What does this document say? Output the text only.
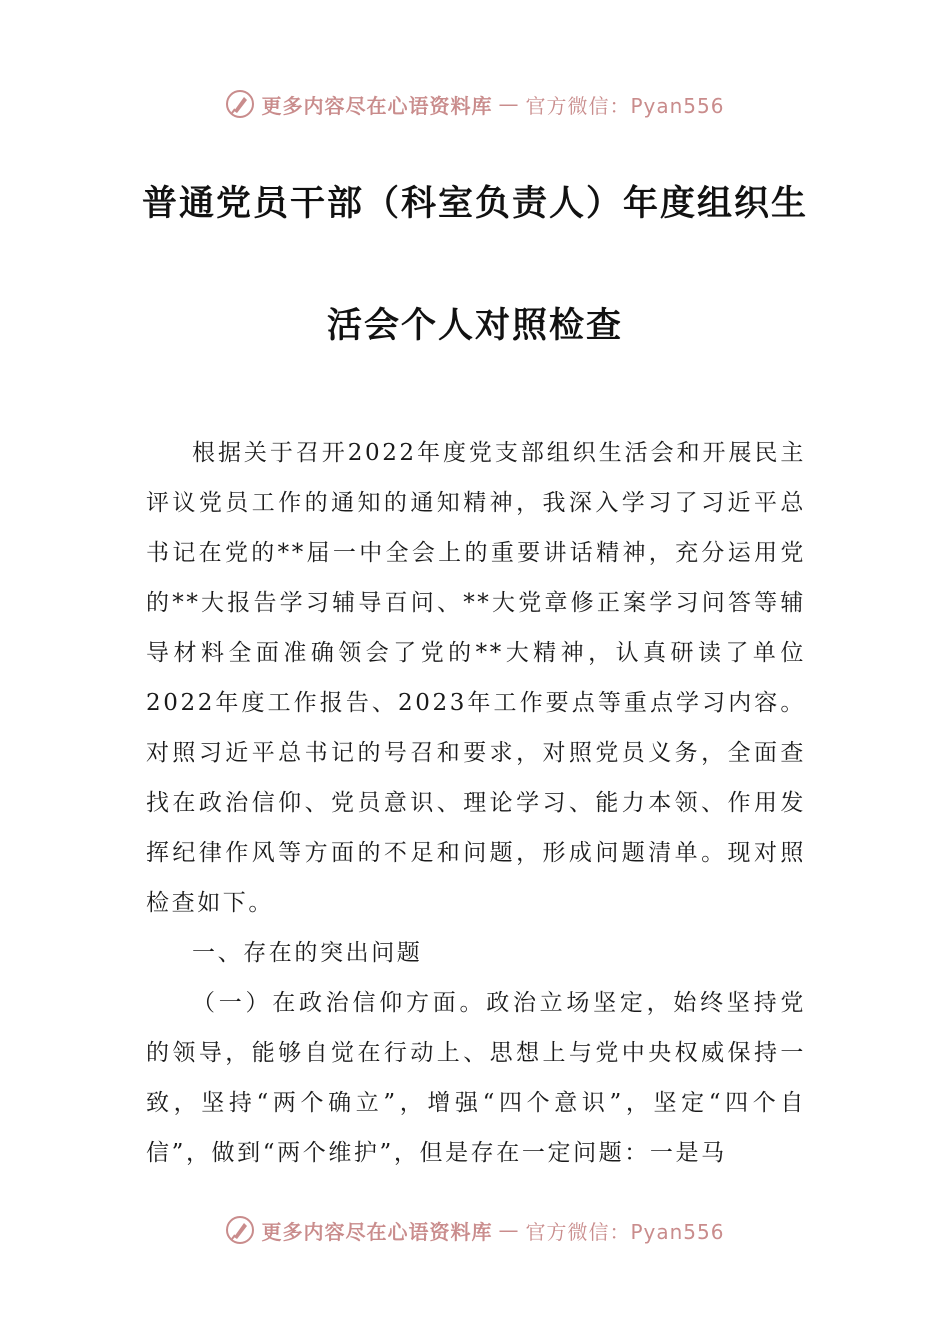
更多内容尽在心语资料库 — 官方微信：Pyan556
普通党员干部（科室负责人）年度组织生
活会个人对照检查

根据关于召开2022年度党支部组织生活会和开展民主评议党员工作的通知的通知精神，我深入学习了习近平总书记在党的**届一中全会上的重要讲话精神，充分运用党的**大报告学习辅导百问、**大党章修正案学习问答等辅导材料全面准确领会了党的**大精神，认真研读了单位2022年度工作报告、2023年工作要点等重点学习内容。对照习近平总书记的号召和要求，对照党员义务，全面查找在政治信仰、党员意识、理论学习、能力本领、作用发挥纪律作风等方面的不足和问题，形成问题清单。现对照检查如下。

一、存在的突出问题

（一）在政治信仰方面。政治立场坚定，始终坚持党的领导，能够自觉在行动上、思想上与党中央权威保持一致，坚持“两个确立”，增强“四个意识”，坚定“四个自信”，做到“两个维护”，但是存在一定问题：一是马

更多内容尽在心语资料库 — 官方微信：Pyan556
